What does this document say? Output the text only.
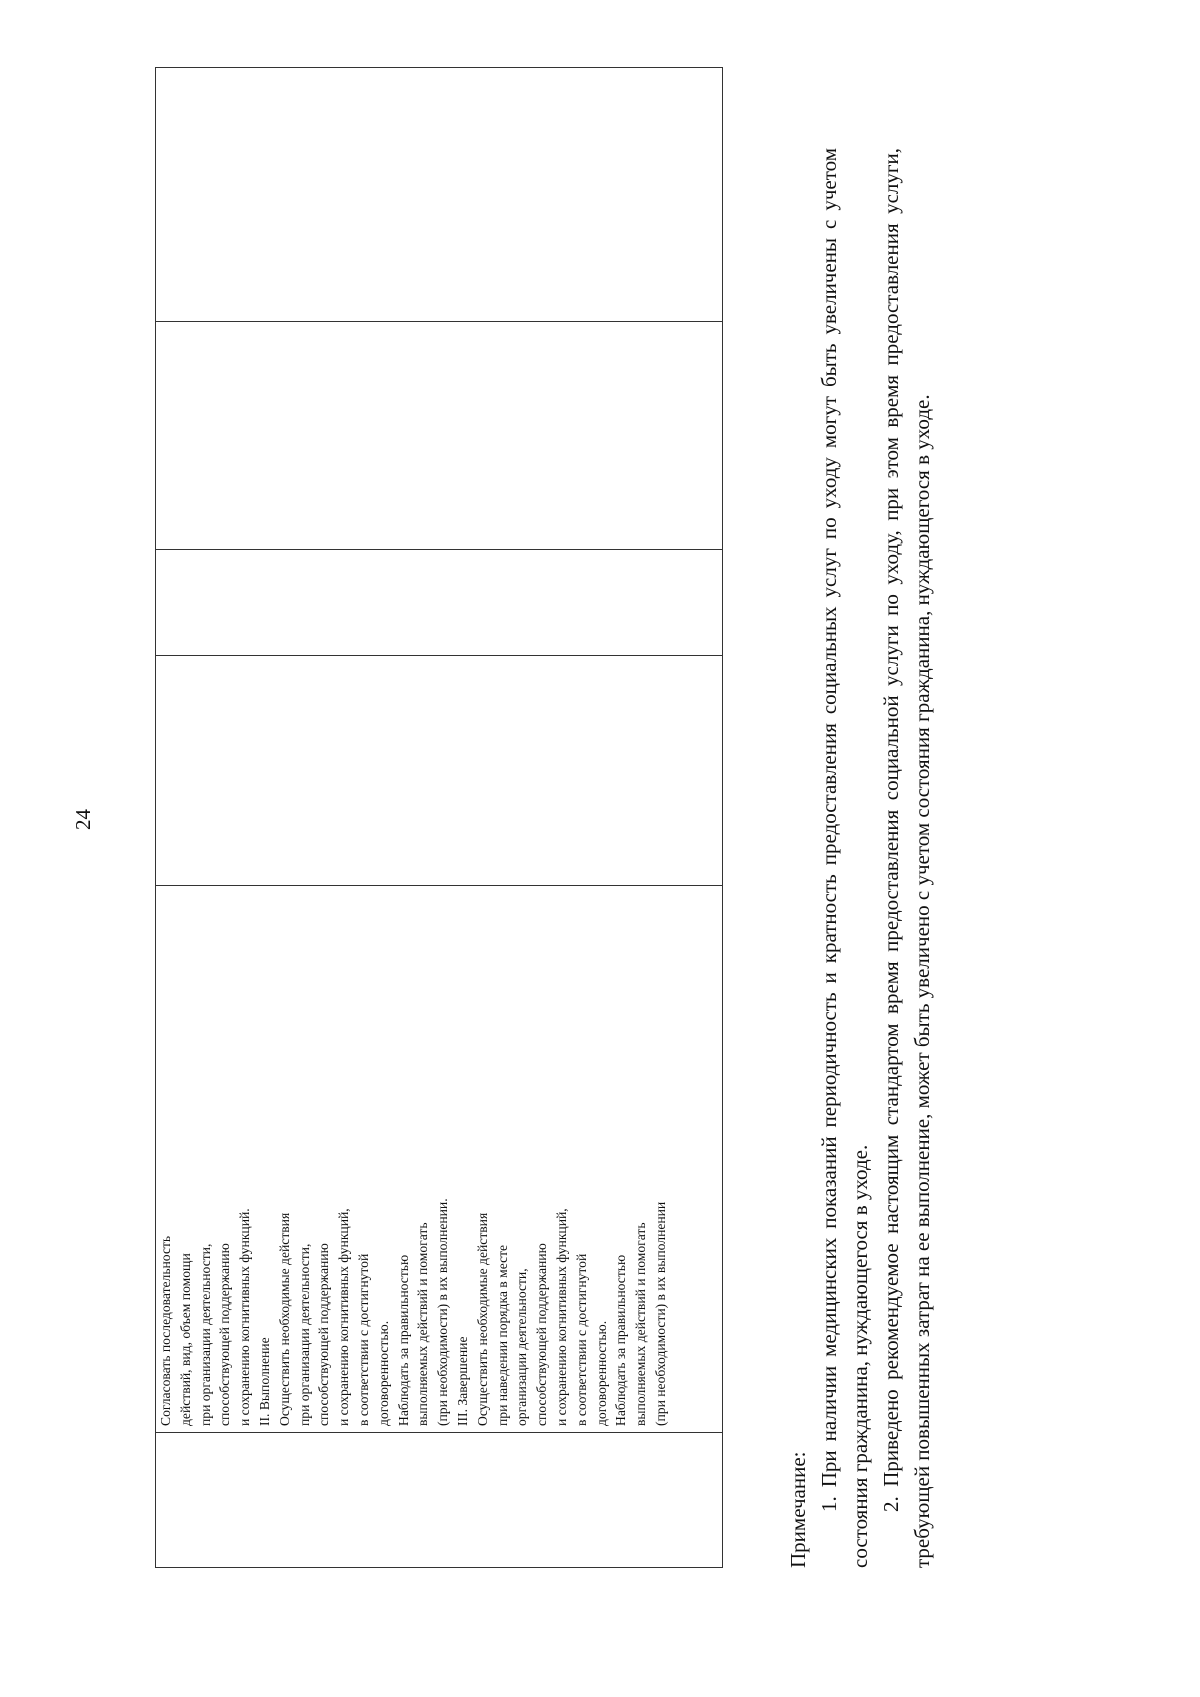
24

Согласовать последовательность действий, вид, объем помощи при организации деятельности, способствующей поддержанию и сохранению когнитивных функций. II. Выполнение Осуществить необходимые действия при организации деятельности, способствующей поддержанию и сохранению когнитивных функций, в соответствии с достигнутой договоренностью. Наблюдать за правильностью выполняемых действий и помогать (при необходимости) в их выполнении. III. Завершение Осуществить необходимые действия при наведении порядка в месте организации деятельности, способствующей поддержанию и сохранению когнитивных функций, в соответствии с достигнутой договоренностью. Наблюдать за правильностью выполняемых действий и помогать (при необходимости) в их выполнении

Примечание: 1. При наличии медицинских показаний периодичность и кратность предоставления социальных услуг по уходу могут быть увеличены с учетом состояния гражданина, нуждающегося в уходе. 2. Приведено рекомендуемое настоящим стандартом время предоставления социальной услуги по уходу, при этом время предоставления услуги, требующей повышенных затрат на ее выполнение, может быть увеличено с учетом состояния гражданина, нуждающегося в уходе.
